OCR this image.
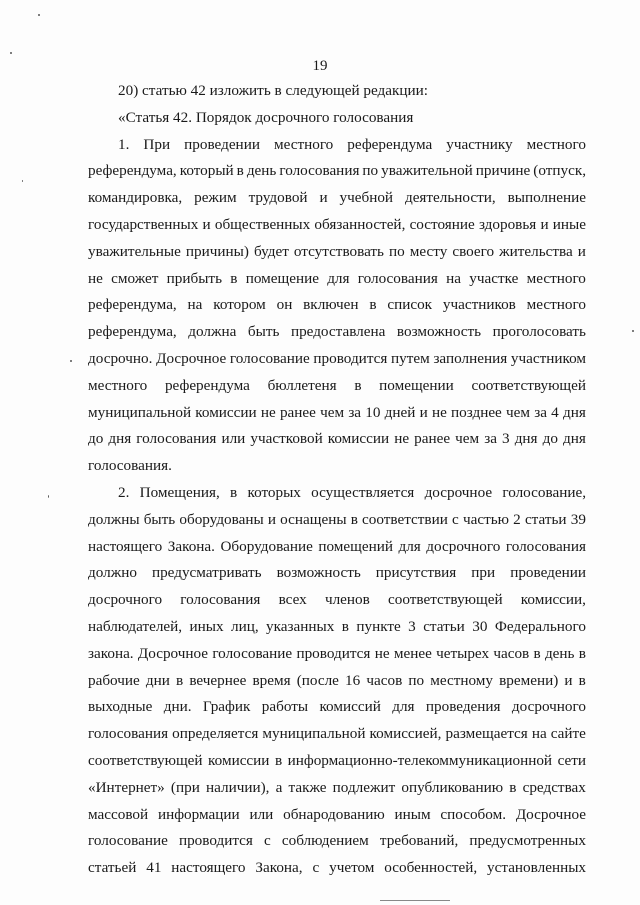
19
20) статью 42 изложить в следующей редакции:
«Статья 42. Порядок досрочного голосования
1. При проведении местного референдума участнику местного
референдума, который в день голосования по уважительной причине (отпуск,
командировка, режим трудовой и учебной деятельности, выполнение
государственных и общественных обязанностей, состояние здоровья и иные
уважительные причины) будет отсутствовать по месту своего жительства и
не сможет прибыть в помещение для голосования на участке местного
референдума, на котором он включен в список участников местного
референдума, должна быть предоставлена возможность проголосовать
досрочно. Досрочное голосование проводится путем заполнения участником
местного референдума бюллетеня в помещении соответствующей
муниципальной комиссии не ранее чем за 10 дней и не позднее чем за 4 дня
до дня голосования или участковой комиссии не ранее чем за 3 дня до дня
голосования.
2. Помещения, в которых осуществляется досрочное голосование,
должны быть оборудованы и оснащены в соответствии с частью 2 статьи 39
настоящего Закона. Оборудование помещений для досрочного голосования
должно предусматривать возможность присутствия при проведении
досрочного голосования всех членов соответствующей комиссии,
наблюдателей, иных лиц, указанных в пункте 3 статьи 30 Федерального
закона. Досрочное голосование проводится не менее четырех часов в день в
рабочие дни в вечернее время (после 16 часов по местному времени) и в
выходные дни. График работы комиссий для проведения досрочного
голосования определяется муниципальной комиссией, размещается на сайте
соответствующей комиссии в информационно-телекоммуникационной сети
«Интернет» (при наличии), а также подлежит опубликованию в средствах
массовой информации или обнародованию иным способом. Досрочное
голосование проводится с соблюдением требований, предусмотренных
статьей 41 настоящего Закона, с учетом особенностей, установленных
